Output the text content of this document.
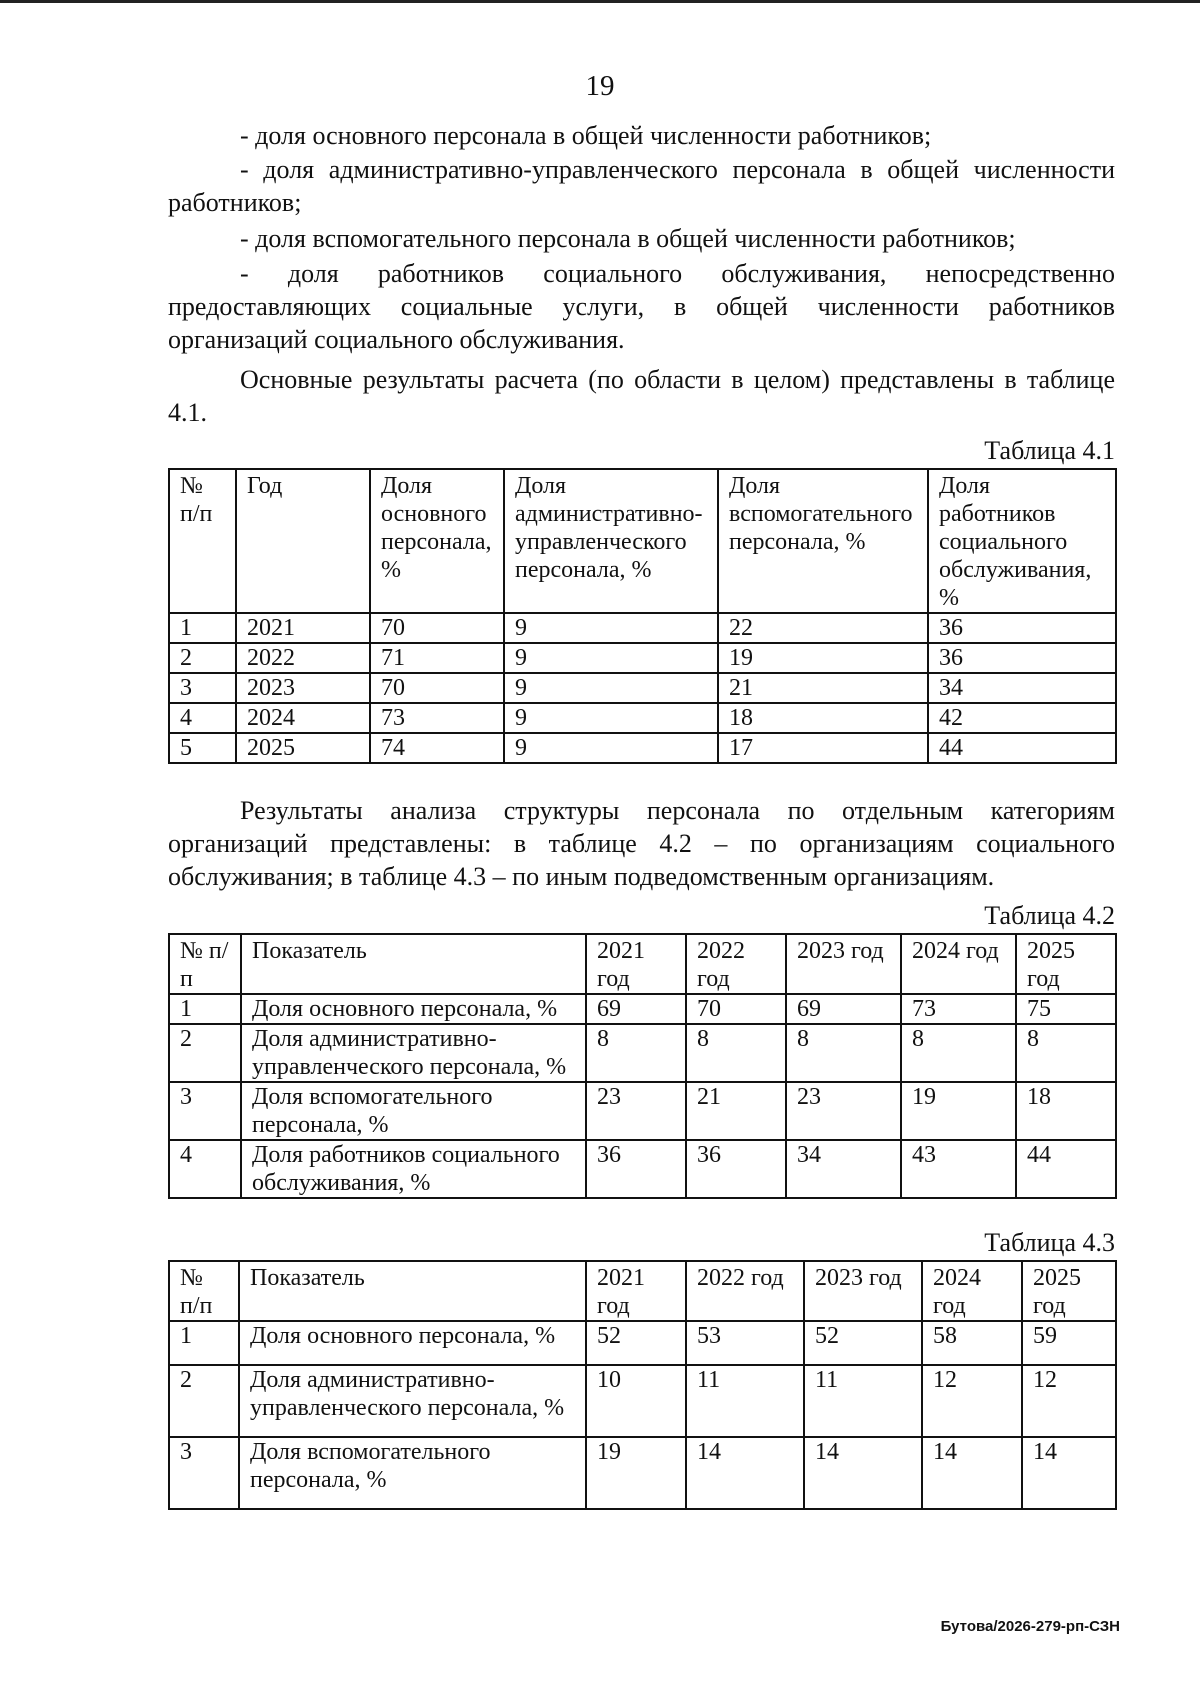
19

- доля основного персонала в общей численности работников;

- доля административно-управленческого персонала в общей численности работников;

- доля вспомогательного персонала в общей численности работников;

- доля работников социального обслуживания, непосредственно предоставляющих социальные услуги, в общей численности работников организаций социального обслуживания.

Основные результаты расчета (по области в целом) представлены в таблице 4.1.

Таблица 4.1
№ п/п	Год	Доля основного персонала, %	Доля административно-управленческого персонала, %	Доля вспомогательного персонала, %	Доля работников социального обслуживания, %
1	2021	70	9	22	36
2	2022	71	9	19	36
3	2023	70	9	21	34
4	2024	73	9	18	42
5	2025	74	9	17	44

Результаты анализа структуры персонала по отдельным категориям организаций представлены: в таблице 4.2 – по организациям социального обслуживания; в таблице 4.3 – по иным подведомственным организациям.

Таблица 4.2
№ п/п	Показатель	2021 год	2022 год	2023 год	2024 год	2025 год
1	Доля основного персонала, %	69	70	69	73	75
2	Доля административно-управленческого персонала, %	8	8	8	8	8
3	Доля вспомогательного персонала, %	23	21	23	19	18
4	Доля работников социального обслуживания, %	36	36	34	43	44
Таблица 4.3
№ п/п	Показатель	2021 год	2022 год	2023 год	2024 год	2025 год
1	Доля основного персонала, %	52	53	52	58	59
2	Доля административно-управленческого персонала, %	10	11	11	12	12
3	Доля вспомогательного персонала, %	19	14	14	14	14
Бутова/2026-279-рп-СЗН
